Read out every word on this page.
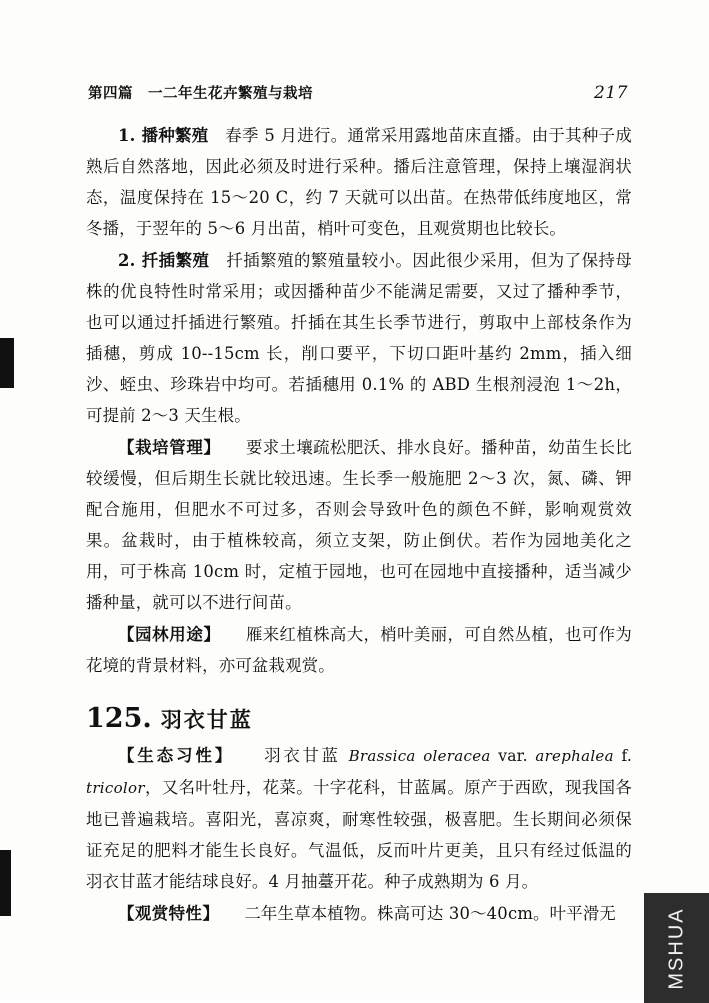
第四篇　一二年生花卉繁殖与栽培	217

1. 播种繁殖　春季 5 月进行。通常采用露地苗床直播。由于其种子成熟后自然落地，因此必须及时进行采种。播后注意管理，保持上壤湿润状态，温度保持在 15～20 C，约 7 天就可以出苗。在热带低纬度地区，常冬播，于翌年的 5～6 月出苗，梢叶可变色，且观赏期也比较长。

2. 扦插繁殖　扦插繁殖的繁殖量较小。因此很少采用，但为了保持母株的优良特性时常采用；或因播种苗少不能满足需要，又过了播种季节，也可以通过扦插进行繁殖。扦插在其生长季节进行，剪取中上部枝条作为插穗，剪成 10--15cm 长，削口要平，下切口距叶基约 2mm，插入细沙、蛭虫、珍珠岩中均可。若插穗用 0.1% 的 ABD 生根剂浸泡 1～2h，可提前 2～3 天生根。

【栽培管理】　　要求土壤疏松肥沃、排水良好。播种苗，幼苗生长比较缓慢，但后期生长就比较迅速。生长季一般施肥 2～3 次，氮、磷、钾配合施用，但肥水不可过多，否则会导致叶色的颜色不鲜，影响观赏效果。盆栽时，由于植株较高，须立支架，防止倒伏。若作为园地美化之用，可于株高 10cm 时，定植于园地，也可在园地中直接播种，适当减少播种量，就可以不进行间苗。

【园林用途】　　雁来红植株高大，梢叶美丽，可自然丛植，也可作为花境的背景材料，亦可盆栽观赏。

125. 羽衣甘蓝

【生态习性】　　羽衣甘蓝 Brassica oleracea var. arephalea f. tricolor，又名叶牡丹，花菜。十字花科，甘蓝属。原产于西欧，现我国各地已普遍栽培。喜阳光，喜凉爽，耐寒性较强，极喜肥。生长期间必须保证充足的肥料才能生长良好。气温低，反而叶片更美，且只有经过低温的羽衣甘蓝才能结球良好。4 月抽薹开花。种子成熟期为 6 月。

【观赏特性】　　二年生草本植物。株高可达 30～40cm。叶平滑无	MSHUA
